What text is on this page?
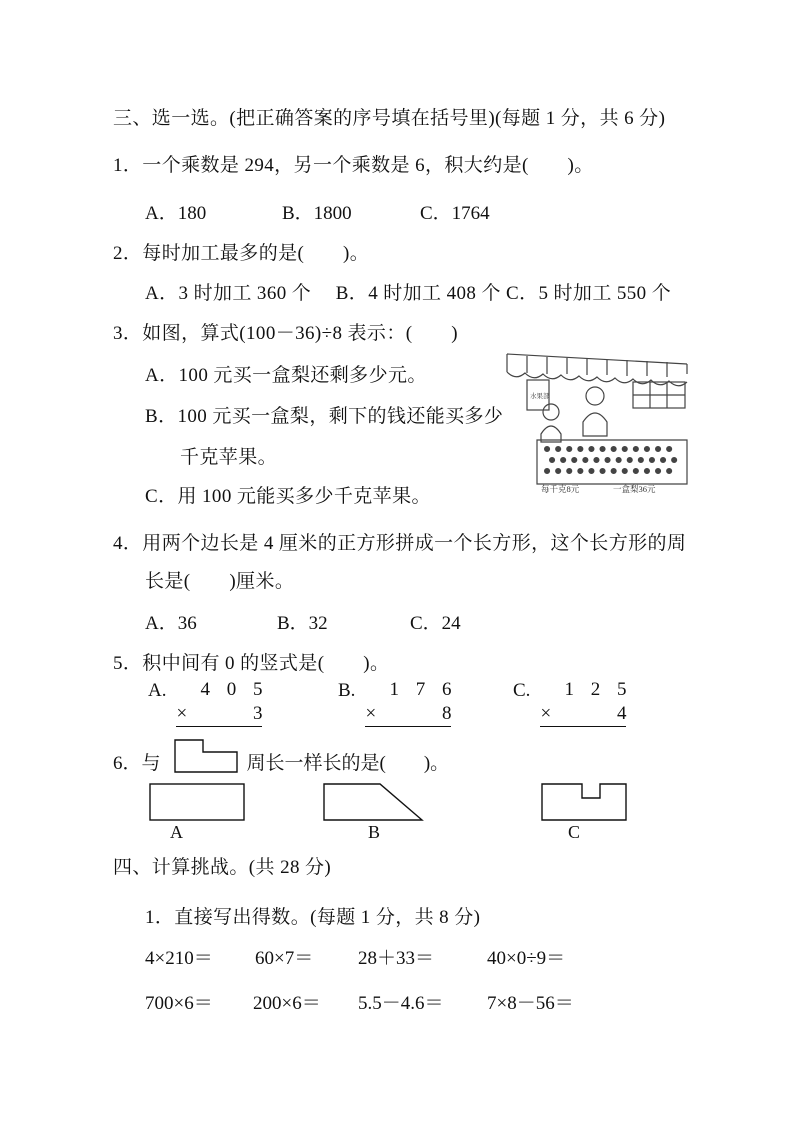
三、选一选。(把正确答案的序号填在括号里)(每题 1 分，共 6 分)
1．一个乘数是 294，另一个乘数是 6，积大约是(　　)。
A．180	B．1800	C．1764
2．每时加工最多的是(　　)。
A．3 时加工 360 个　 B．4 时加工 408 个 C．5 时加工 550 个
3．如图，算式(100－36)÷8 表示：(　　)
A．100 元买一盒梨还剩多少元。
B．100 元买一盒梨，剩下的钱还能买多少
千克苹果。
C．用 100 元能买多少千克苹果。
水果部
每千克8元	一盒梨36元
4．用两个边长是 4 厘米的正方形拼成一个长方形，这个长方形的周
长是(　　)厘米。
A．36	B．32	C．24
5．积中间有 0 的竖式是(　　)。
A.	4 0 5
×	3
B.	1 7 6
×	8
C.	1 2 5
×	4
6．与	周长一样长的是(　　)。
A	B	C
四、计算挑战。(共 28 分)
1．直接写出得数。(每题 1 分，共 8 分)
4×210＝ 60×7＝ 28＋33＝	40×0÷9＝
700×6＝ 200×6＝ 5.5－4.6＝ 7×8－56＝
